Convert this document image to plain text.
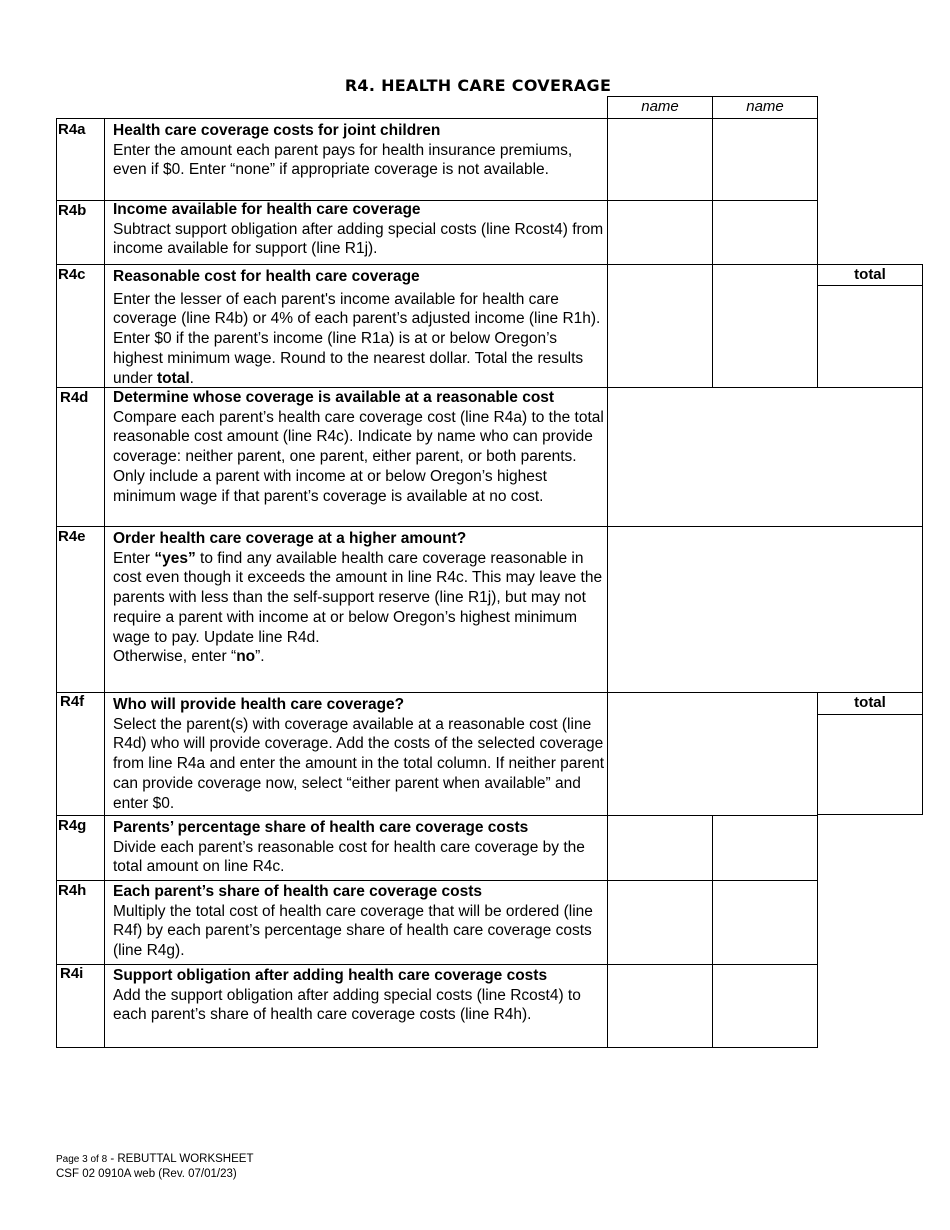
R4. HEALTH CARE COVERAGE
name	name
R4a Health care coverage costs for joint children
Enter the amount each parent pays for health insurance premiums, even if $0. Enter “none” if appropriate coverage is not available.
R4b Income available for health care coverage
Subtract support obligation after adding special costs (line Rcost4) from income available for support (line R1j).
total
R4c Reasonable cost for health care coverage
Enter the lesser of each parent's income available for health care coverage (line R4b) or 4% of each parent’s adjusted income (line R1h). Enter $0 if the parent’s income (line R1a) is at or below Oregon’s highest minimum wage. Round to the nearest dollar. Total the results under total.
R4d Determine whose coverage is available at a reasonable cost
Compare each parent’s health care coverage cost (line R4a) to the total reasonable cost amount (line R4c). Indicate by name who can provide coverage: neither parent, one parent, either parent, or both parents. Only include a parent with income at or below Oregon’s highest minimum wage if that parent’s coverage is available at no cost.
R4e Order health care coverage at a higher amount?
Enter “yes” to find any available health care coverage reasonable in cost even though it exceeds the amount in line R4c. This may leave the parents with less than the self-support reserve (line R1j), but may not require a parent with income at or below Oregon’s highest minimum wage to pay. Update line R4d.
Otherwise, enter “no”.
total
R4f Who will provide health care coverage?
Select the parent(s) with coverage available at a reasonable cost (line R4d) who will provide coverage. Add the costs of the selected coverage from line R4a and enter the amount in the total column. If neither parent can provide coverage now, select “either parent when available” and enter $0.
R4g Parents’ percentage share of health care coverage costs
Divide each parent’s reasonable cost for health care coverage by the total amount on line R4c.
R4h Each parent’s share of health care coverage costs
Multiply the total cost of health care coverage that will be ordered (line R4f) by each parent’s percentage share of health care coverage costs (line R4g).
R4i Support obligation after adding health care coverage costs
Add the support obligation after adding special costs (line Rcost4) to each parent’s share of health care coverage costs (line R4h).
Page 3 of 8 - REBUTTAL WORKSHEET
CSF 02 0910A web (Rev. 07/01/23)
